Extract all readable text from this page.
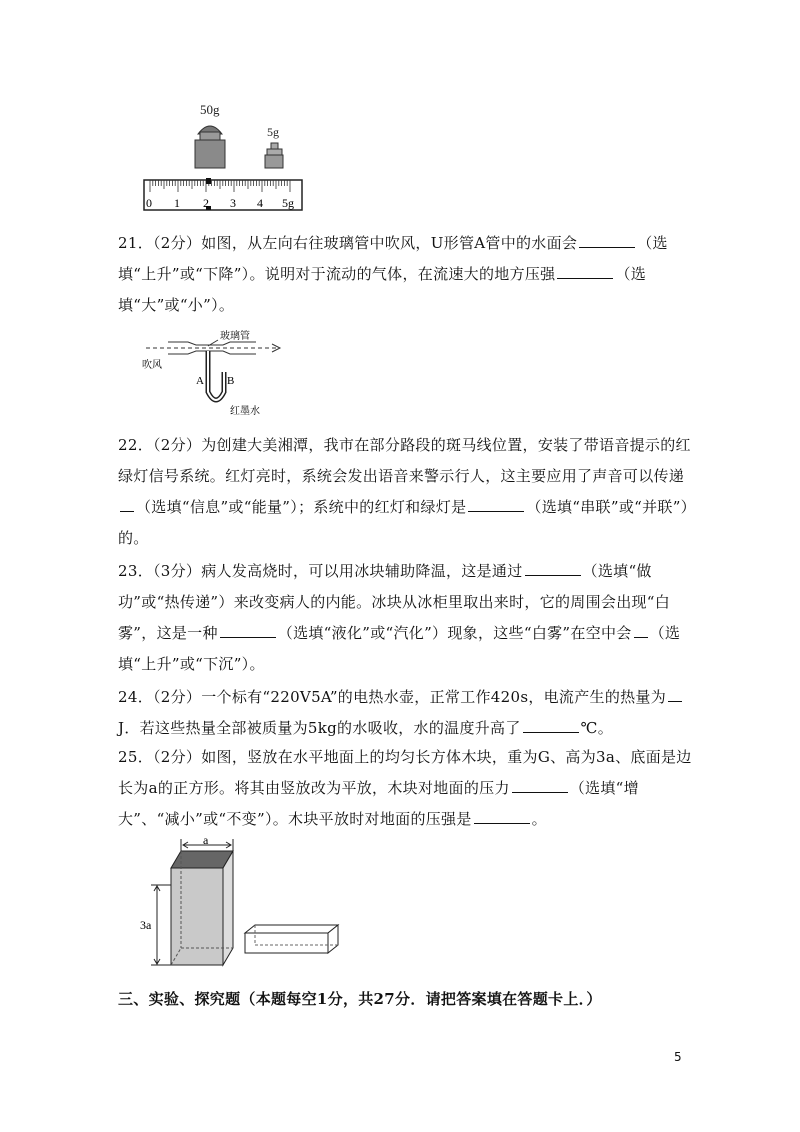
50g
5g
0 1 2 3 4 5g
21．（2分）如图，从左向右往玻璃管中吹风，U形管A管中的水面会	（选填“上升”或“下降”）。说明对于流动的气体，在流速大的地方压强	（选填“大”或“小”）。
玻璃管
吹风
A B
红墨水
22．（2分）为创建大美湘潭，我市在部分路段的斑马线位置，安装了带语音提示的红绿灯信号系统。红灯亮时，系统会发出语音来警示行人，这主要应用了声音可以传递（选填“信息”或“能量”）；系统中的红灯和绿灯是	（选填“串联”或“并联”）的。
23．（3分）病人发高烧时，可以用冰块辅助降温，这是通过	（选填“做功”或“热传递”）来改变病人的内能。冰块从冰柜里取出来时，它的周围会出现“白雾”，这是一种	（选填“液化”或“汽化”）现象，这些“白雾”在空中会 （选填“上升”或“下沉”）。
24．（2分）一个标有“220V5A”的电热水壶，正常工作420s，电流产生的热量为J．若这些热量全部被质量为5kg的水吸收，水的温度升高了	℃。
25．（2分）如图，竖放在水平地面上的均匀长方体木块，重为G、高为3a、底面是边长为a的正方形。将其由竖放改为平放，木块对地面的压力	（选填“增大”、“减小”或“不变”）。木块平放时对地面的压强是	。
a
3a
三、实验、探究题（本题每空1分，共27分．请把答案填在答题卡上．）
5
